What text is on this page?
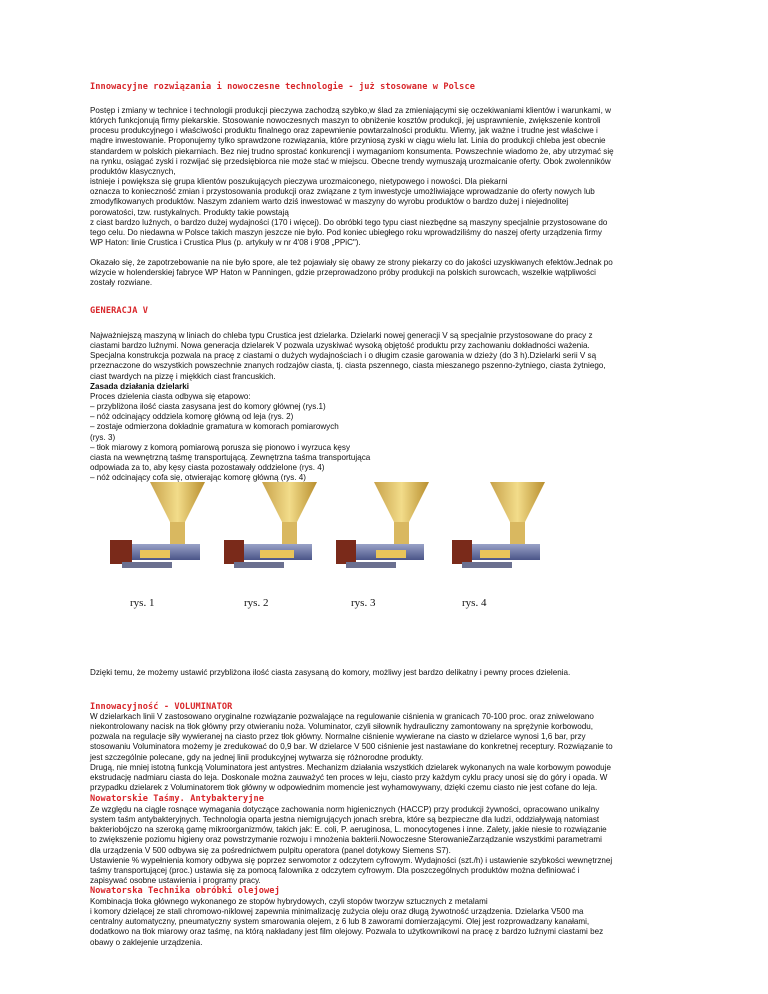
Innowacyjne rozwiązania i nowoczesne technologie - już stosowane w Polsce

Postęp i zmiany w technice i technologii produkcji pieczywa zachodzą szybko,w ślad za zmieniającymi się oczekiwaniami klientów i warunkami, w
których funkcjonują firmy piekarskie. Stosowanie nowoczesnych maszyn to obniżenie kosztów produkcji, jej usprawnienie, zwiększenie kontroli
procesu produkcyjnego i właściwości produktu finalnego oraz zapewnienie powtarzalności produktu. Wiemy, jak ważne i trudne jest właściwe i
mądre inwestowanie. Proponujemy tylko sprawdzone rozwiązania, które przyniosą zyski w ciągu wielu lat. Linia do produkcji chleba jest obecnie
standardem w polskich piekarniach. Bez niej trudno sprostać konkurencji i wymaganiom konsumenta. Powszechnie wiadomo że, aby utrzymać się
na rynku, osiągać zyski i rozwijać się przedsiębiorca nie może stać w miejscu. Obecne trendy wymuszają urozmaicanie oferty. Obok zwolenników
produktów klasycznych,
istnieje i powiększa się grupa klientów poszukujących pieczywa urozmaiconego, nietypowego i nowości. Dla piekarni
oznacza to konieczność zmian i przystosowania produkcji oraz związane z tym inwestycje umożliwiające wprowadzanie do oferty nowych lub
zmodyfikowanych produktów. Naszym zdaniem warto dziś inwestować w maszyny do wyrobu produktów o bardzo dużej i niejednolitej
porowatości, tzw. rustykalnych. Produkty takie powstają
z ciast bardzo luźnych, o bardzo dużej wydajności (170 i więcej). Do obróbki tego typu ciast niezbędne są maszyny specjalnie przystosowane do
tego celu. Do niedawna w Polsce takich maszyn jeszcze nie było. Pod koniec ubiegłego roku wprowadziliśmy do naszej oferty urządzenia firmy
WP Haton: linie Crustica i Crustica Plus (p. artykuły w nr 4'08 i 9'08 „PPiC").

Okazało się, że zapotrzebowanie na nie było spore, ale też pojawiały się obawy ze strony piekarzy co do jakości uzyskiwanych efektów.Jednak po
wizycie w holenderskiej fabryce WP Haton w Panningen, gdzie przeprowadzono próby produkcji na polskich surowcach, wszelkie wątpliwości
zostały rozwiane.

GENERACJA V

Najważniejszą maszyną w liniach do chleba typu Crustica jest dzielarka. Dzielarki nowej generacji V są specjalnie przystosowane do pracy z
ciastami bardzo luźnymi. Nowa generacja dzielarek V pozwala uzyskiwać wysoką objętość produktu przy zachowaniu dokładności ważenia.
Specjalna konstrukcja pozwala na pracę z ciastami o dużych wydajnościach i o długim czasie garowania w dzieży (do 3 h).Dzielarki serii V są
przeznaczone do wszystkich powszechnie znanych rodzajów ciasta, tj. ciasta pszennego, ciasta mieszanego pszenno-żytniego, ciasta żytniego,
ciast twardych na pizzę i miękkich ciast francuskich.
Zasada działania dzielarki
Proces dzielenia ciasta odbywa się etapowo:
– przybliżona ilość ciasta zasysana jest do komory głównej (rys.1)
– nóż odcinający oddziela komorę główną od leja (rys. 2)
– zostaje odmierzona dokładnie gramatura w komorach pomiarowych
(rys. 3)
– tłok miarowy z komorą pomiarową porusza się pionowo i wyrzuca kęsy
ciasta na wewnętrzną taśmę transportującą. Zewnętrzna taśma transportująca
odpowiada za to, aby kęsy ciasta pozostawały oddzielone (rys. 4)
– nóż odcinający cofa się, otwierając komorę główną (rys. 4)

Dzięki temu, że możemy ustawić przybliżona ilość ciasta zasysaną do komory, możliwy jest bardzo delikatny i pewny proces dzielenia.

Innowacyjność - VOLUMINATOR

W dzielarkach linii V zastosowano oryginalne rozwiązanie pozwalające na regulowanie ciśnienia w granicach 70-100 proc. oraz zniwelowano
niekontrolowany nacisk na tłok główny przy otwieraniu noża. Voluminator, czyli siłownik hydrauliczny zamontowany na sprężynie korbowodu,
pozwala na regulacje siły wywieranej na ciasto przez tłok główny. Normalne ciśnienie wywierane na ciasto w dzielarce wynosi 1,6 bar, przy
stosowaniu Voluminatora możemy je zredukować do 0,9 bar. W dzielarce V 500 ciśnienie jest nastawiane do konkretnej receptury. Rozwiązanie to
jest szczególnie polecane, gdy na jednej linii produkcyjnej wytwarza się różnorodne produkty.
Drugą, nie mniej istotną funkcją Voluminatora jest antystres. Mechanizm działania wszystkich dzielarek wykonanych na wale korbowym powoduje
ekstrudację nadmiaru ciasta do leja. Doskonale można zauważyć ten proces w leju, ciasto przy każdym cyklu pracy unosi się do góry i opada. W
przypadku dzielarek z Voluminatorem tłok główny w odpowiednim momencie jest wyhamowywany, dzięki czemu ciasto nie jest cofane do leja.

Nowatorskie Taśmy. Antybakteryjne

Ze względu na ciągle rosnące wymagania dotyczące zachowania norm higienicznych (HACCP) przy produkcji żywności, opracowano unikalny
system taśm antybakteryjnych. Technologia oparta jestna niemigrujących jonach srebra, które są bezpieczne dla ludzi, oddziaływają natomiast
bakteriobójczo na szeroką gamę mikroorganizmów, takich jak: E. coli, P. aeruginosa, L. monocytogenes i inne. Zalety, jakie niesie to rozwiązanie
to zwiększenie poziomu higieny oraz powstrzymanie rozwoju i mnożenia bakterii.Nowoczesne SterowanieZarządzanie wszystkimi parametrami
dla urządzenia V 500 odbywa się za pośrednictwem pulpitu operatora (panel dotykowy Siemens S7).
Ustawienie % wypełnienia komory odbywa się poprzez serwomotor z odczytem cyfrowym. Wydajności (szt./h) i ustawienie szybkości wewnętrznej
taśmy transportującej (proc.) ustawia się za pomocą falownika z odczytem cyfrowym. Dla poszczególnych produktów można definiować i
zapisywać osobne ustawienia i programy pracy.

Nowatorska Technika obróbki olejowej

Kombinacja tłoka głównego wykonanego ze stopów hybrydowych, czyli stopów tworzyw sztucznych z metalami
i komory dzielącej ze stali chromowo-niklowej zapewnia minimalizację zużycia oleju oraz długą żywotność urządzenia. Dzielarka V500 ma
centralny automatyczny, pneumatyczny system smarowania olejem, z 6 lub 8 zaworami domierzającymi. Olej jest rozprowadzany kanałami,
dodatkowo na tłok miarowy oraz taśmę, na którą nakładany jest film olejowy. Pozwala to użytkownikowi na pracę z bardzo luźnymi ciastami bez
obawy o zaklejenie urządzenia.

rys. 1	rys. 2	rys. 3	rys. 4
